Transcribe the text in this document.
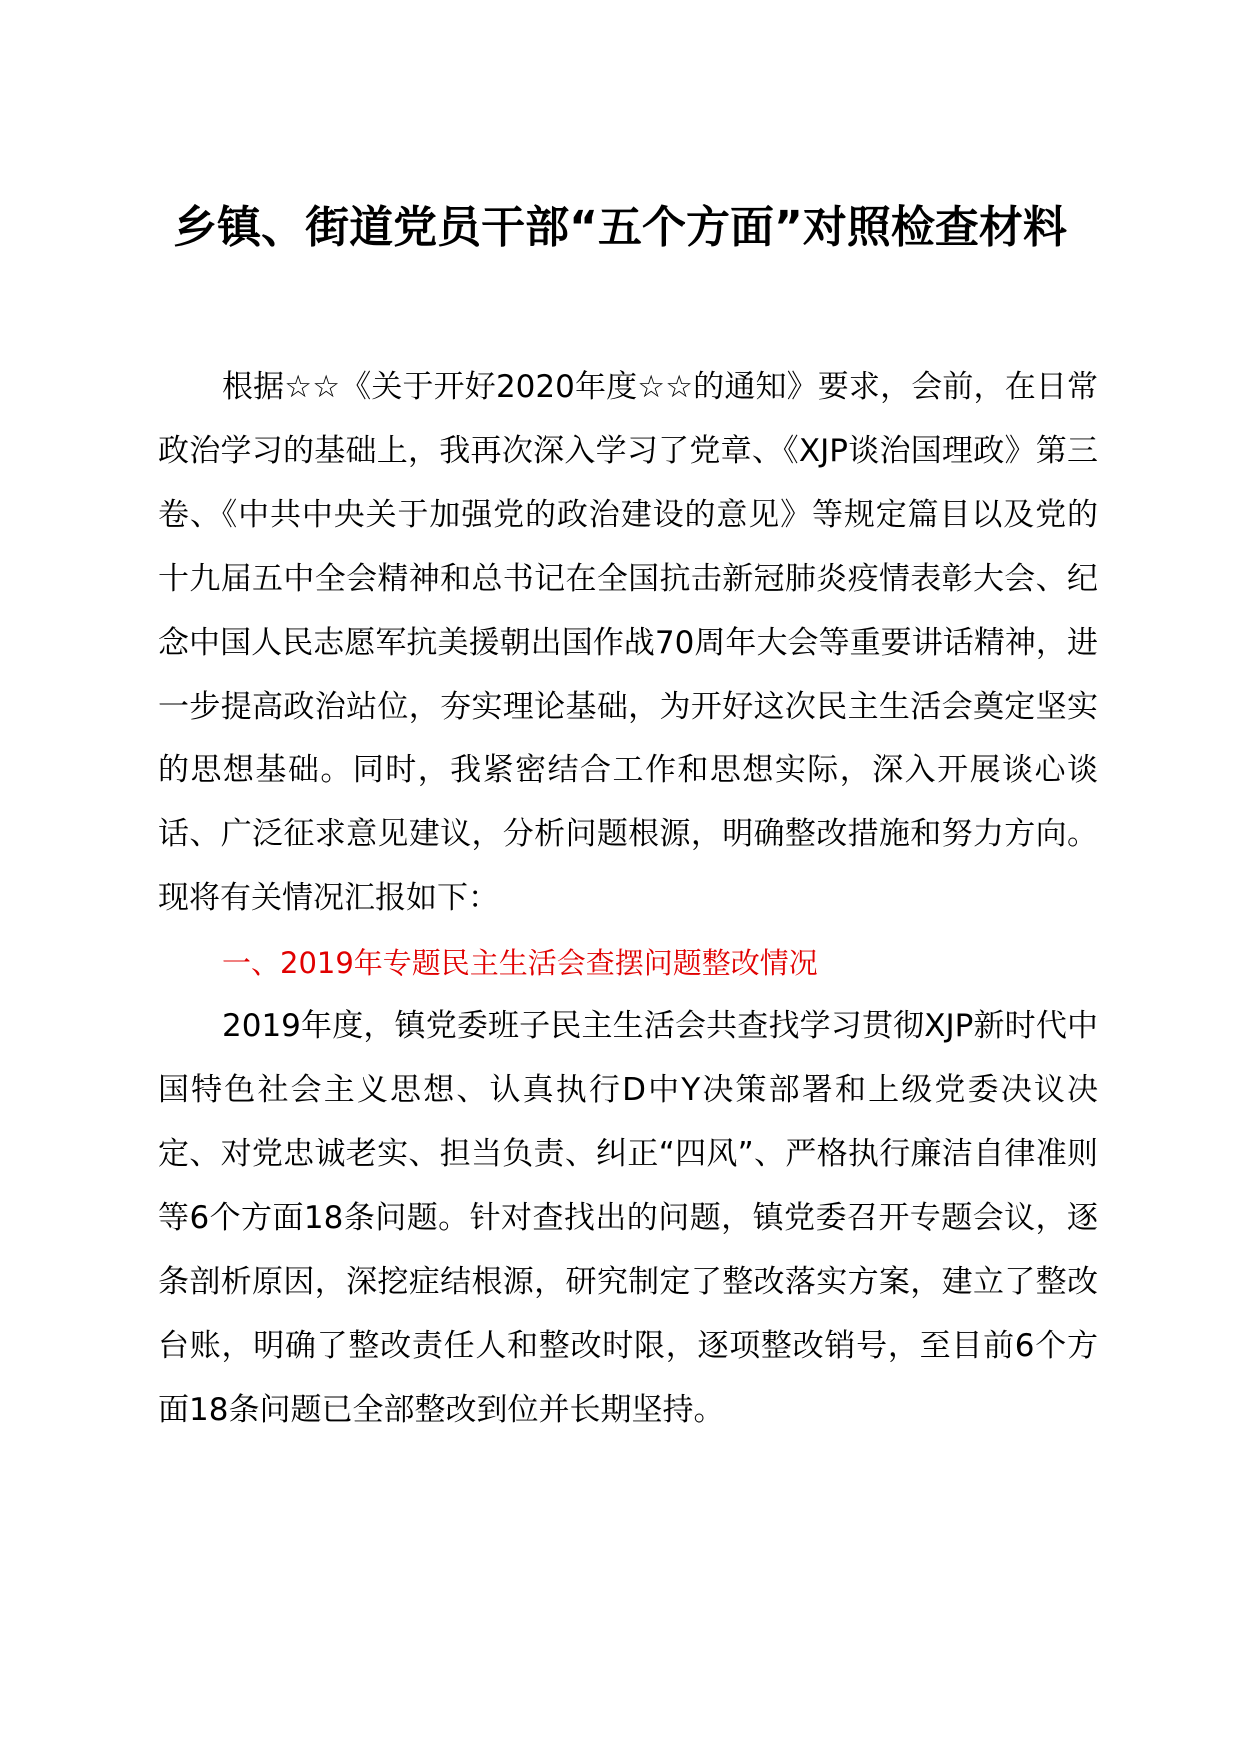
乡镇、街道党员干部“五个方面”对照检查材料

根据☆☆《关于开好2020年度☆☆的通知》要求，会前，在日常政治学习的基础上，我再次深入学习了党章、《XJP谈治国理政》第三卷、《中共中央关于加强党的政治建设的意见》等规定篇目以及党的十九届五中全会精神和总书记在全国抗击新冠肺炎疫情表彰大会、纪念中国人民志愿军抗美援朝出国作战70周年大会等重要讲话精神，进一步提高政治站位，夯实理论基础，为开好这次民主生活会奠定坚实的思想基础。同时，我紧密结合工作和思想实际，深入开展谈心谈话、广泛征求意见建议，分析问题根源，明确整改措施和努力方向。现将有关情况汇报如下：

一、2019年专题民主生活会查摆问题整改情况

2019年度，镇党委班子民主生活会共查找学习贯彻XJP新时代中国特色社会主义思想、认真执行D中Y决策部署和上级党委决议决定、对党忠诚老实、担当负责、纠正“四风”、严格执行廉洁自律准则等6个方面18条问题。针对查找出的问题，镇党委召开专题会议，逐条剖析原因，深挖症结根源，研究制定了整改落实方案，建立了整改台账，明确了整改责任人和整改时限，逐项整改销号，至目前6个方面18条问题已全部整改到位并长期坚持。
